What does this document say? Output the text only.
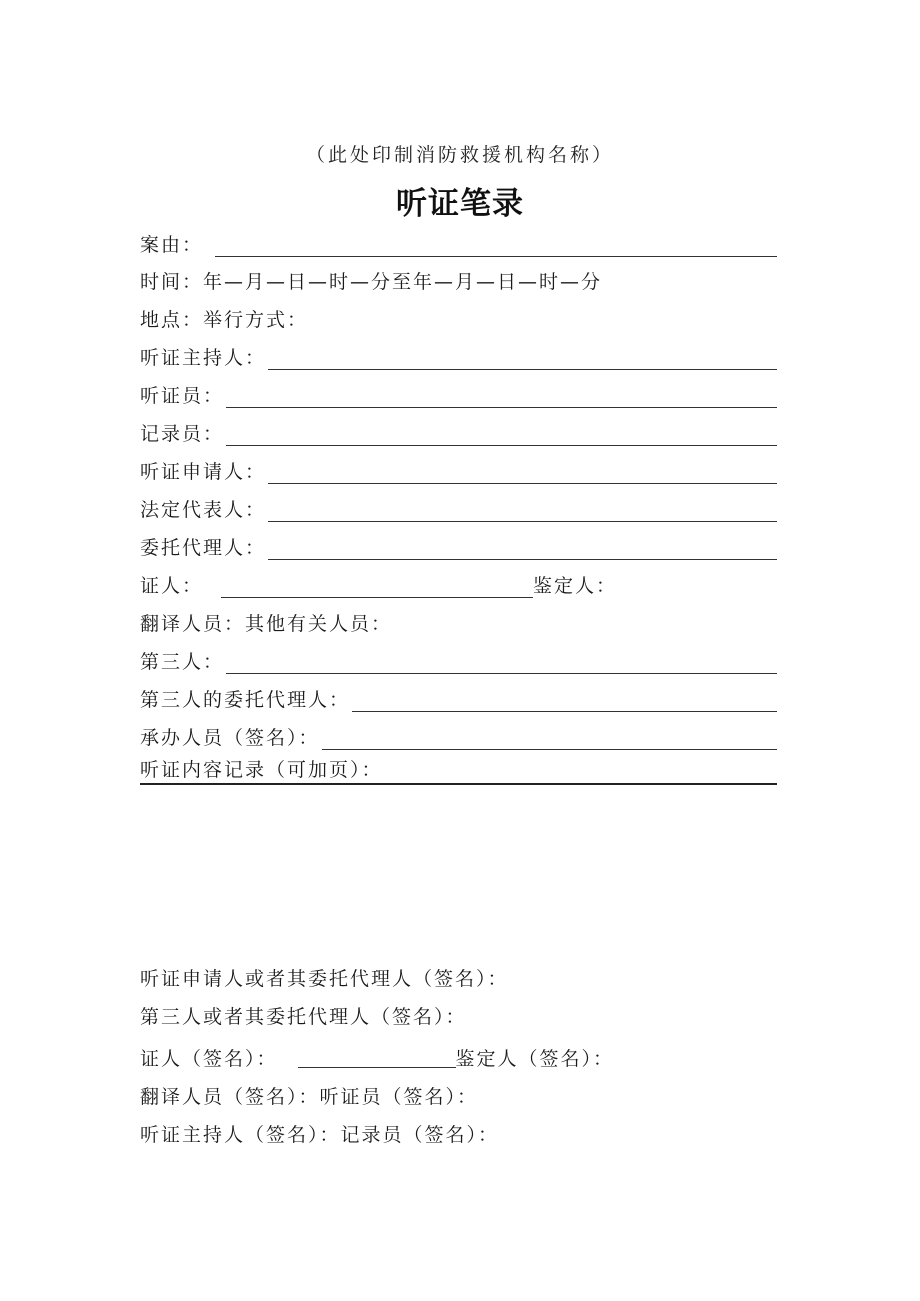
（此处印制消防救援机构名称）
听证笔录
案由：
时间：年—月—日—时—分至年—月—日—时—分
地点：举行方式：
听证主持人：
听证员：
记录员：
听证申请人：
法定代表人：
委托代理人：
证人：	鉴定人：
翻译人员：其他有关人员：
第三人：
第三人的委托代理人：
承办人员（签名）：
听证内容记录（可加页）：
听证申请人或者其委托代理人（签名）：
第三人或者其委托代理人（签名）：
证人（签名）：	鉴定人（签名）：
翻译人员（签名）：听证员（签名）：
听证主持人（签名）：记录员（签名）：
